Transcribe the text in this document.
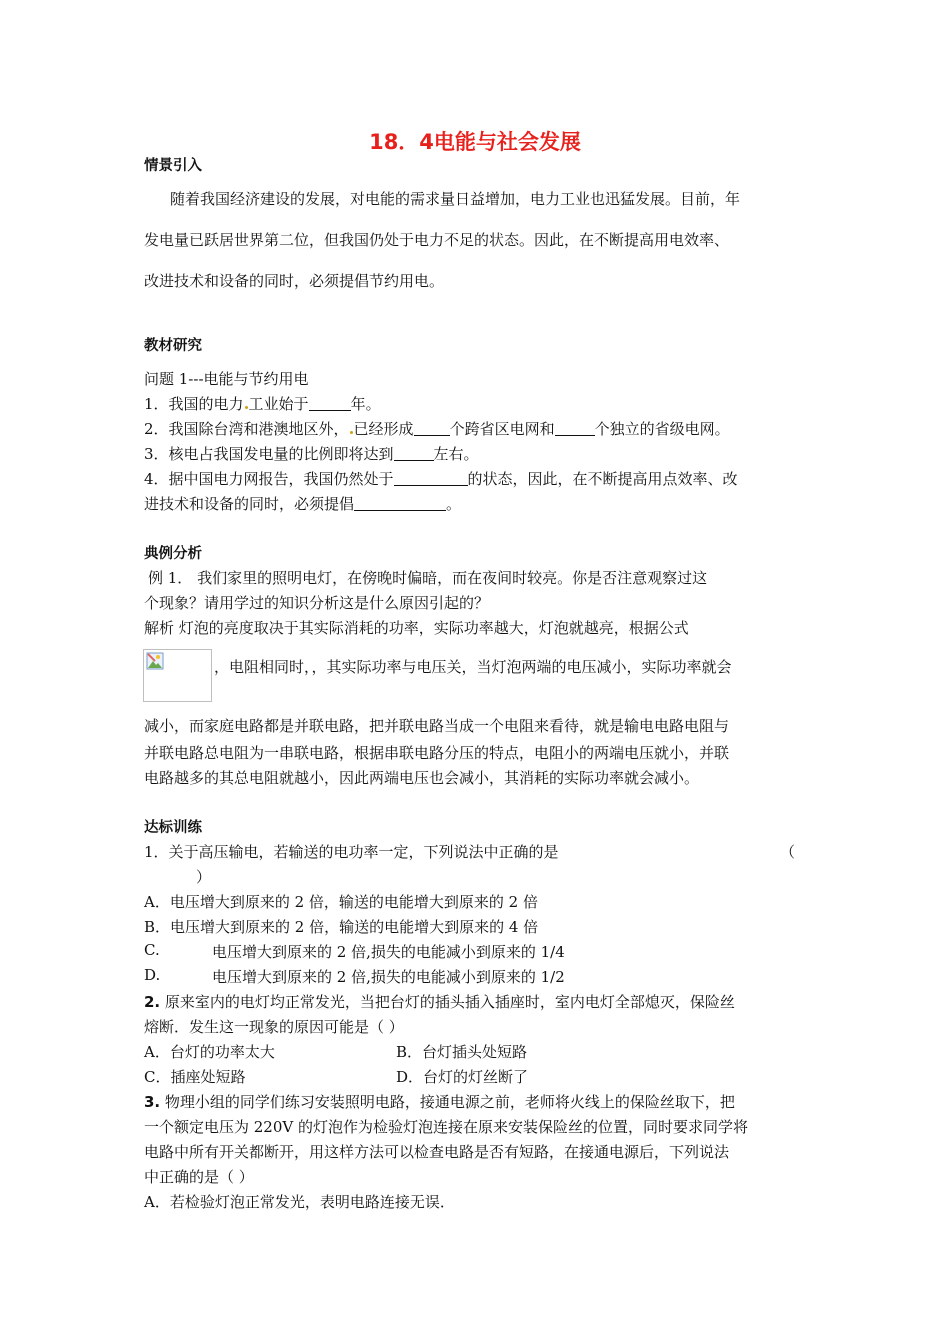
18．4电能与社会发展
情景引入
随着我国经济建设的发展，对电能的需求量日益增加，电力工业也迅猛发展。目前，年
发电量已跃居世界第二位，但我国仍处于电力不足的状态。因此，在不断提高用电效率、
改进技术和设备的同时，必须提倡节约用电。
教材研究
问题 1---电能与节约用电
1．我国的电力 工业始于	年。
2．我国除台湾和港澳地区外， 已经形成 个跨省区电网和	个独立的省级电网。
3．核电占我国发电量的比例即将达到	左右。
4．据中国电力网报告，我国仍然处于	的状态，因此，在不断提高用点效率、改
进技术和设备的同时，必须提倡	。
典例分析
例 1． 我们家里的照明电灯，在傍晚时偏暗，而在夜间时较亮。你是否注意观察过这
个现象？请用学过的知识分析这是什么原因引起的？
解析 灯泡的亮度取决于其实际消耗的功率，实际功率越大，灯泡就越亮，根据公式
，电阻相同时，，其实际功率与电压关，当灯泡两端的电压减小，实际功率就会
减小，而家庭电路都是并联电路，把并联电路当成一个电阻来看待，就是输电电路电阻与
并联电路总电阻为一串联电路，根据串联电路分压的特点，电阻小的两端电压就小，并联
电路越多的其总电阻就越小，因此两端电压也会减小，其消耗的实际功率就会减小。
达标训练
1．关于高压输电，若输送的电功率一定，下列说法中正确的是	（
）
A．电压增大到原来的 2 倍，输送的电能增大到原来的 2 倍
B．电压增大到原来的 2 倍，输送的电能增大到原来的 4 倍
C.	电压增大到原来的 2 倍,损失的电能减小到原来的 1/4
D.	电压增大到原来的 2 倍,损失的电能减小到原来的 1/2
2. 原来室内的电灯均正常发光，当把台灯的插头插入插座时，室内电灯全部熄灭，保险丝
熔断．发生这一现象的原因可能是（ ）
A．台灯的功率太大	B．台灯插头处短路
C．插座处短路	D．台灯的灯丝断了
3. 物理小组的同学们练习安装照明电路，接通电源之前，老师将火线上的保险丝取下，把
一个额定电压为 220V 的灯泡作为检验灯泡连接在原来安装保险丝的位置，同时要求同学将
电路中所有开关都断开，用这样方法可以检查电路是否有短路，在接通电源后，下列说法
中正确的是（ ）
A．若检验灯泡正常发光，表明电路连接无误．
